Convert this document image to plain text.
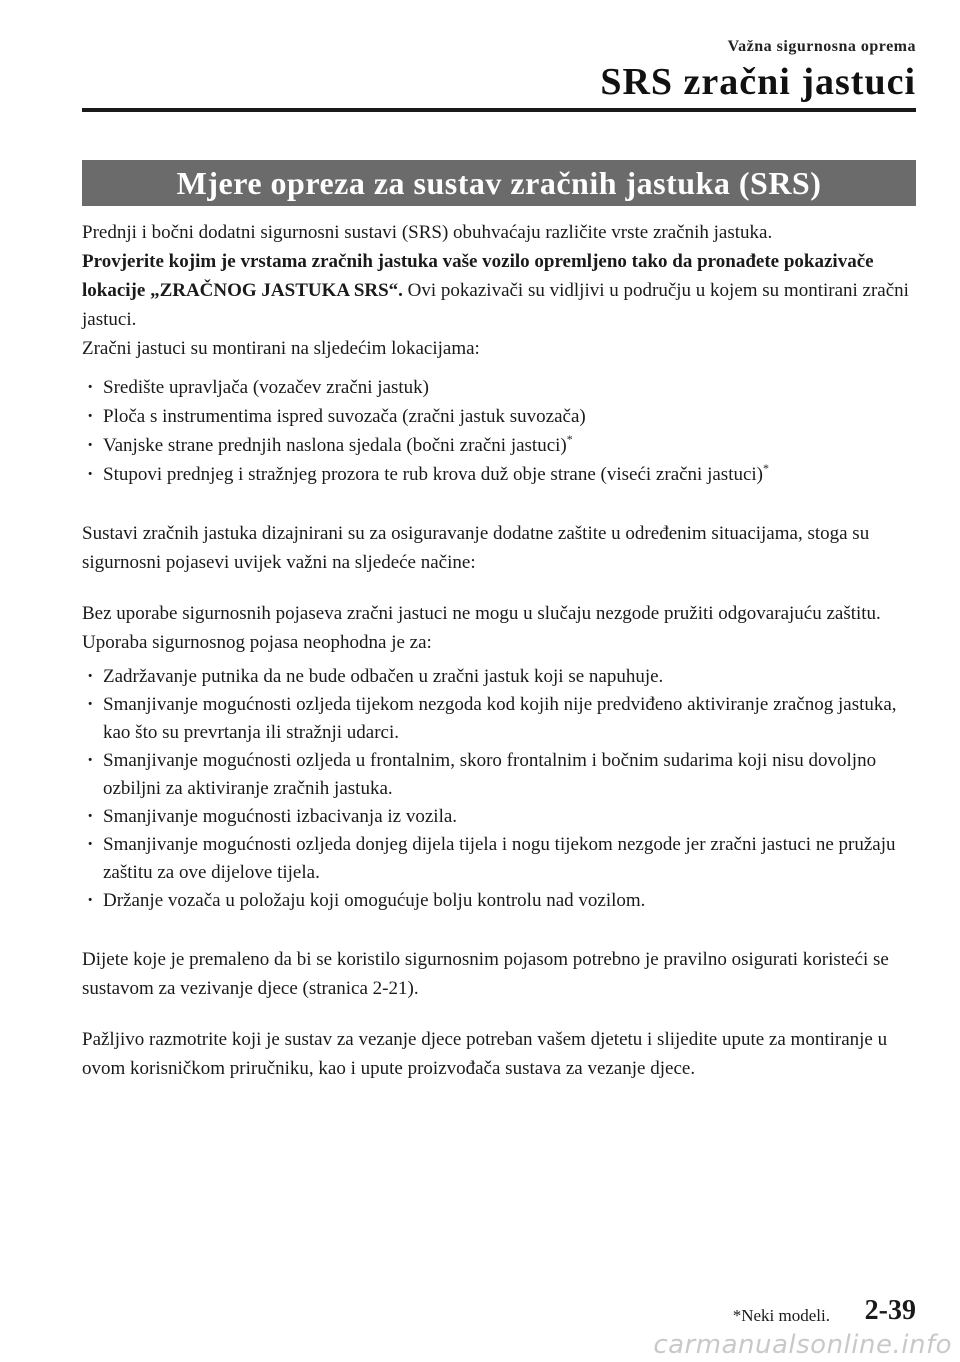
Važna sigurnosna oprema
SRS zračni jastuci
Mjere opreza za sustav zračnih jastuka (SRS)

Prednji i bočni dodatni sigurnosni sustavi (SRS) obuhvaćaju različite vrste zračnih jastuka.
Provjerite kojim je vrstama zračnih jastuka vaše vozilo opremljeno tako da pronađete pokazivače lokacije „ZRAČNOG JASTUKA SRS“. Ovi pokazivači su vidljivi u području u kojem su montirani zračni jastuci.
Zračni jastuci su montirani na sljedećim lokacijama:

· Središte upravljača (vozačev zračni jastuk)
· Ploča s instrumentima ispred suvozača (zračni jastuk suvozača)
· Vanjske strane prednjih naslona sjedala (bočni zračni jastuci)*
· Stupovi prednjeg i stražnjeg prozora te rub krova duž obje strane (viseći zračni jastuci)*

Sustavi zračnih jastuka dizajnirani su za osiguravanje dodatne zaštite u određenim situacijama, stoga su sigurnosni pojasevi uvijek važni na sljedeće načine:

Bez uporabe sigurnosnih pojaseva zračni jastuci ne mogu u slučaju nezgode pružiti odgovarajuću zaštitu. Uporaba sigurnosnog pojasa neophodna je za:

· Zadržavanje putnika da ne bude odbačen u zračni jastuk koji se napuhuje.
· Smanjivanje mogućnosti ozljeda tijekom nezgoda kod kojih nije predviđeno aktiviranje zračnog jastuka, kao što su prevrtanja ili stražnji udarci.
· Smanjivanje mogućnosti ozljeda u frontalnim, skoro frontalnim i bočnim sudarima koji nisu dovoljno ozbiljni za aktiviranje zračnih jastuka.
· Smanjivanje mogućnosti izbacivanja iz vozila.
· Smanjivanje mogućnosti ozljeda donjeg dijela tijela i nogu tijekom nezgode jer zračni jastuci ne pružaju zaštitu za ove dijelove tijela.
· Držanje vozača u položaju koji omogućuje bolju kontrolu nad vozilom.

Dijete koje je premaleno da bi se koristilo sigurnosnim pojasom potrebno je pravilno osigurati koristeći se sustavom za vezivanje djece (stranica 2-21).

Pažljivo razmotrite koji je sustav za vezanje djece potreban vašem djetetu i slijedite upute za montiranje u ovom korisničkom priručniku, kao i upute proizvođača sustava za vezanje djece.

*Neki modeli. 2-39
carmanualsonline.info
